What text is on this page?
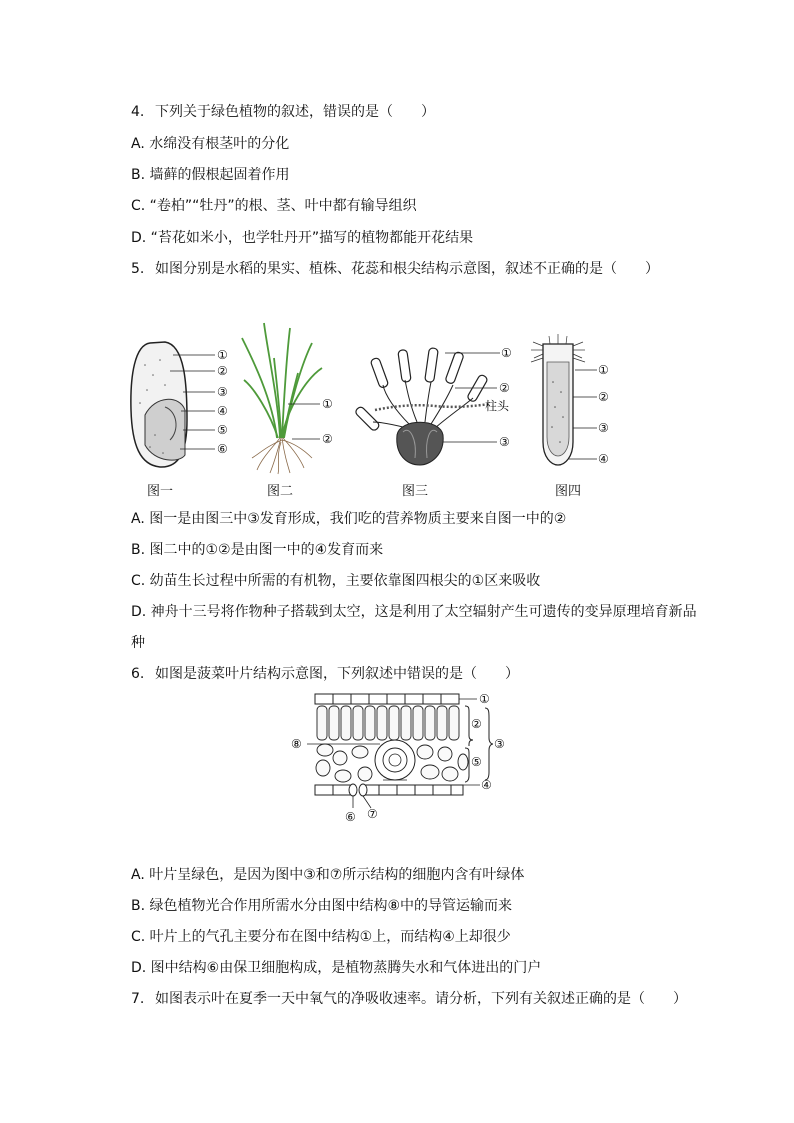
4. 下列关于绿色植物的叙述，错误的是（　　）
A. 水绵没有根茎叶的分化
B. 墙藓的假根起固着作用
C. “卷柏”“牡丹”的根、茎、叶中都有输导组织
D. “苔花如米小，也学牡丹开”描写的植物都能开花结果
5. 如图分别是水稻的果实、植株、花蕊和根尖结构示意图，叙述不正确的是（　　）
①
②
③
④
⑤
⑥
图一
①
②
图二
①
②
③
柱头
图三
①
②
③
④
图四
A. 图一是由图三中③发育形成，我们吃的营养物质主要来自图一中的②
B. 图二中的①②是由图一中的④发育而来
C. 幼苗生长过程中所需的有机物，主要依靠图四根尖的①区来吸收
D. 神舟十三号将作物种子搭载到太空，这是利用了太空辐射产生可遗传的变异原理培育新品
种
6. 如图是菠菜叶片结构示意图，下列叙述中错误的是（　　）
①
②
③
④
⑤
⑥ ⑦
⑧
A. 叶片呈绿色，是因为图中③和⑦所示结构的细胞内含有叶绿体
B. 绿色植物光合作用所需水分由图中结构⑧中的导管运输而来
C. 叶片上的气孔主要分布在图中结构①上，而结构④上却很少
D. 图中结构⑥由保卫细胞构成，是植物蒸腾失水和气体进出的门户
7. 如图表示叶在夏季一天中氧气的净吸收速率。请分析，下列有关叙述正确的是（　　）
